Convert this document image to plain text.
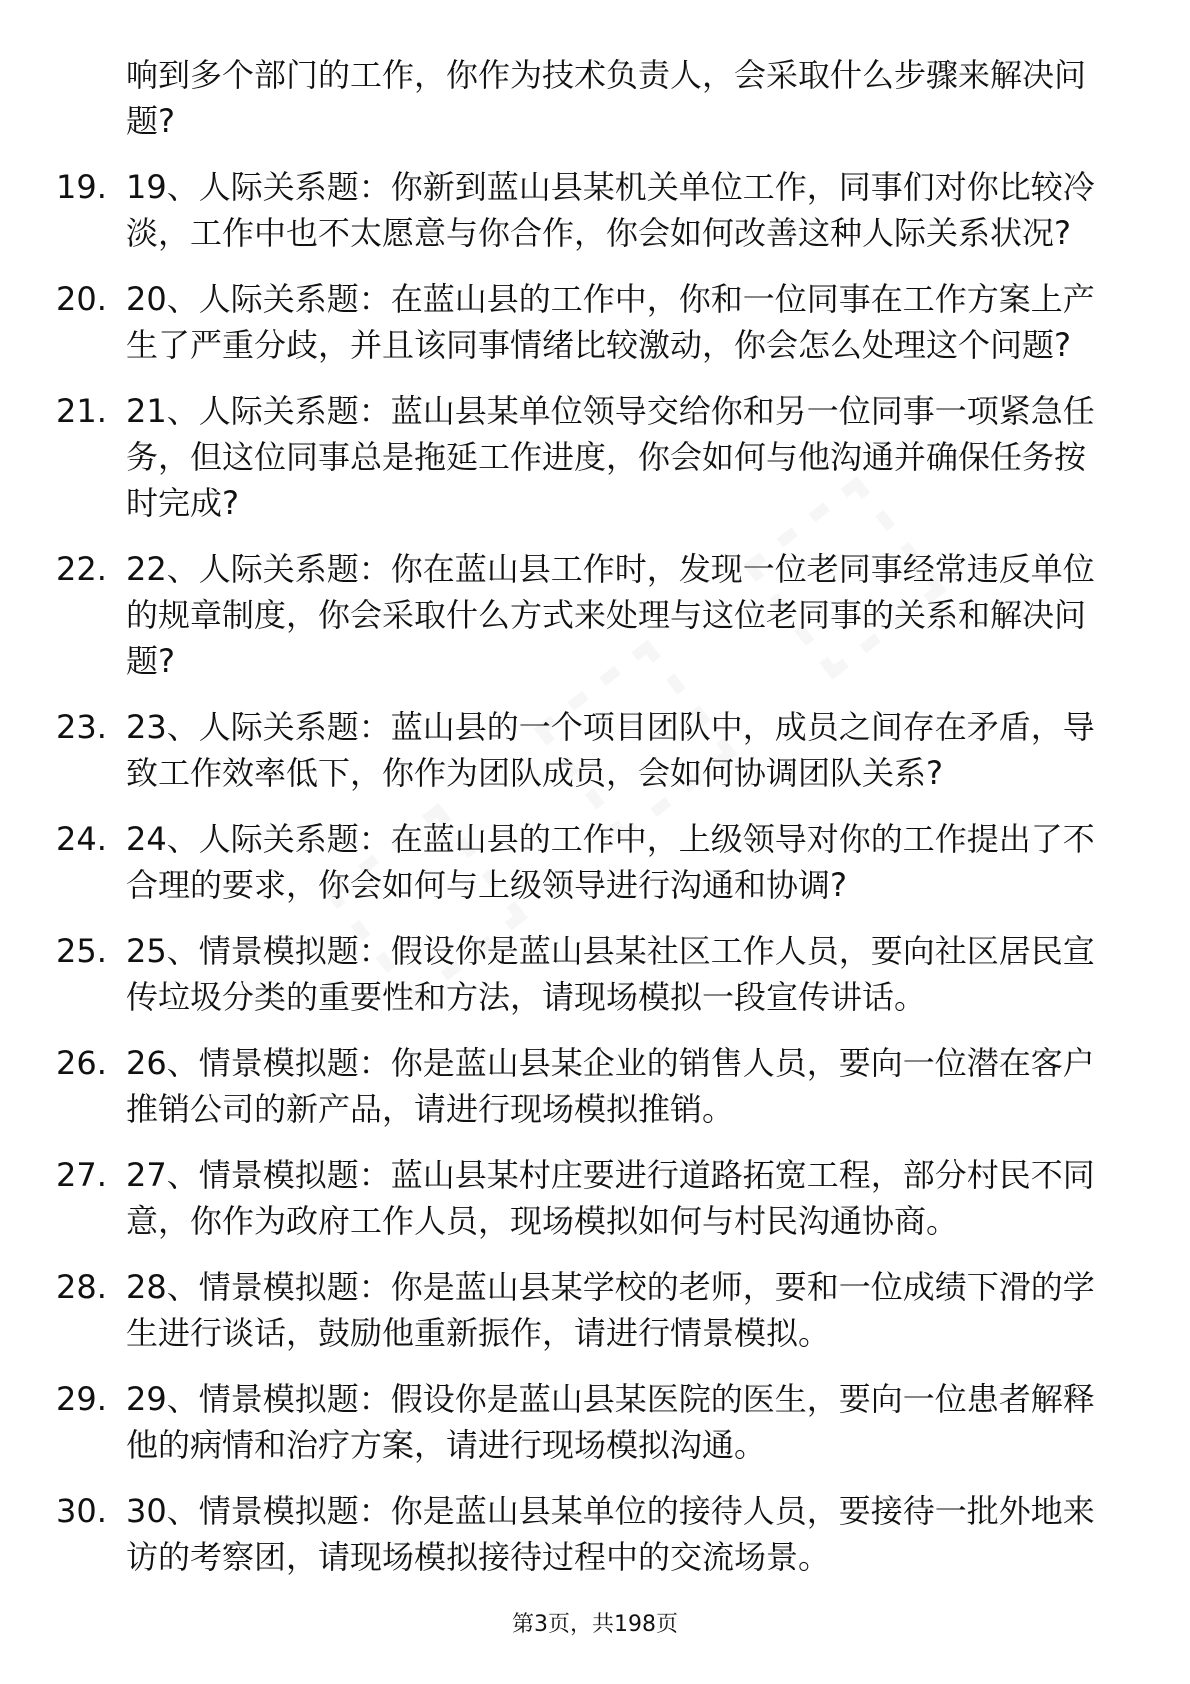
响到多个部门的工作，你作为技术负责人，会采取什么步骤来解决问题?
19. 19、人际关系题：你新到蓝山县某机关单位工作，同事们对你比较冷淡，工作中也不太愿意与你合作，你会如何改善这种人际关系状况?
20. 20、人际关系题：在蓝山县的工作中，你和一位同事在工作方案上产生了严重分歧，并且该同事情绪比较激动，你会怎么处理这个问题?
21. 21、人际关系题：蓝山县某单位领导交给你和另一位同事一项紧急任务，但这位同事总是拖延工作进度，你会如何与他沟通并确保任务按时完成?
22. 22、人际关系题：你在蓝山县工作时，发现一位老同事经常违反单位的规章制度，你会采取什么方式来处理与这位老同事的关系和解决问题?
23. 23、人际关系题：蓝山县的一个项目团队中，成员之间存在矛盾，导致工作效率低下，你作为团队成员，会如何协调团队关系?
24. 24、人际关系题：在蓝山县的工作中，上级领导对你的工作提出了不合理的要求，你会如何与上级领导进行沟通和协调?
25. 25、情景模拟题：假设你是蓝山县某社区工作人员，要向社区居民宣传垃圾分类的重要性和方法，请现场模拟一段宣传讲话。
26. 26、情景模拟题：你是蓝山县某企业的销售人员，要向一位潜在客户推销公司的新产品，请进行现场模拟推销。
27. 27、情景模拟题：蓝山县某村庄要进行道路拓宽工程，部分村民不同意，你作为政府工作人员，现场模拟如何与村民沟通协商。
28. 28、情景模拟题：你是蓝山县某学校的老师，要和一位成绩下滑的学生进行谈话，鼓励他重新振作，请进行情景模拟。
29. 29、情景模拟题：假设你是蓝山县某医院的医生，要向一位患者解释他的病情和治疗方案，请进行现场模拟沟通。
30. 30、情景模拟题：你是蓝山县某单位的接待人员，要接待一批外地来访的考察团，请现场模拟接待过程中的交流场景。
第3页，共198页
